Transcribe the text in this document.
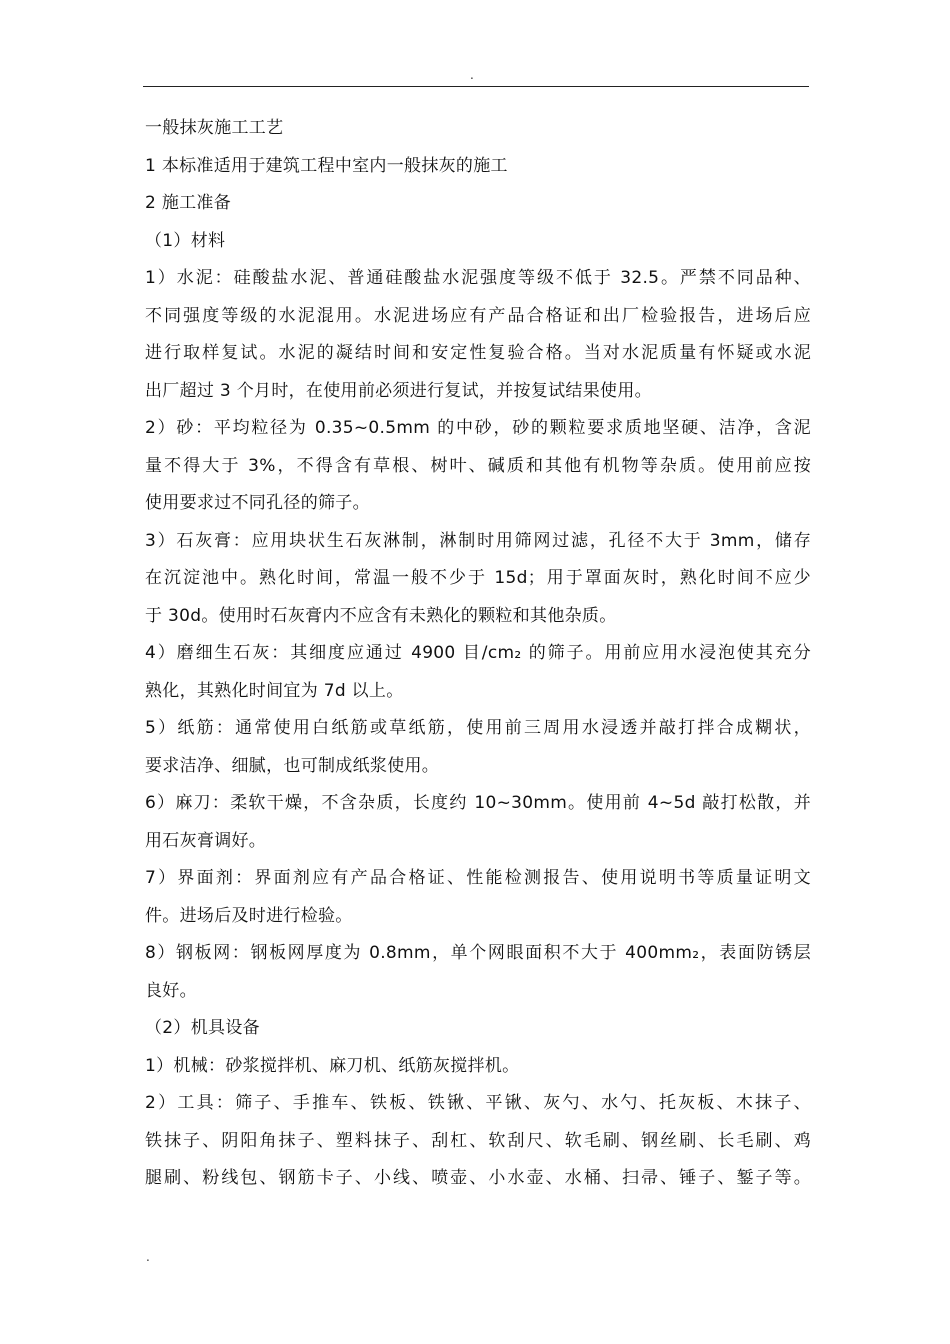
.
一般抹灰施工工艺
1 本标准适用于建筑工程中室内一般抹灰的施工
2 施工准备
（1）材料
1）水泥：硅酸盐水泥、普通硅酸盐水泥强度等级不低于 32.5。严禁不同品种、
不同强度等级的水泥混用。水泥进场应有产品合格证和出厂检验报告，进场后应
进行取样复试。水泥的凝结时间和安定性复验合格。当对水泥质量有怀疑或水泥
出厂超过 3 个月时，在使用前必须进行复试，并按复试结果使用。
2）砂：平均粒径为 0.35~0.5mm 的中砂，砂的颗粒要求质地坚硬、洁净，含泥
量不得大于 3%，不得含有草根、树叶、碱质和其他有机物等杂质。使用前应按
使用要求过不同孔径的筛子。
3）石灰膏：应用块状生石灰淋制，淋制时用筛网过滤，孔径不大于 3mm，储存
在沉淀池中。熟化时间，常温一般不少于 15d；用于罩面灰时，熟化时间不应少
于 30d。使用时石灰膏内不应含有未熟化的颗粒和其他杂质。
4）磨细生石灰：其细度应通过 4900 目/cm₂ 的筛子。用前应用水浸泡使其充分
熟化，其熟化时间宜为 7d 以上。
5）纸筋：通常使用白纸筋或草纸筋，使用前三周用水浸透并敲打拌合成糊状，
要求洁净、细腻，也可制成纸浆使用。
6）麻刀：柔软干燥，不含杂质，长度约 10~30mm。使用前 4~5d 敲打松散，并
用石灰膏调好。
7）界面剂：界面剂应有产品合格证、性能检测报告、使用说明书等质量证明文
件。进场后及时进行检验。
8）钢板网：钢板网厚度为 0.8mm，单个网眼面积不大于 400mm₂，表面防锈层
良好。
（2）机具设备
1）机械：砂浆搅拌机、麻刀机、纸筋灰搅拌机。
2）工具：筛子、手推车、铁板、铁锹、平锹、灰勺、水勺、托灰板、木抹子、
铁抹子、阴阳角抹子、塑料抹子、刮杠、软刮尺、软毛刷、钢丝刷、长毛刷、鸡
腿刷、粉线包、钢筋卡子、小线、喷壶、小水壶、水桶、扫帚、锤子、錾子等。
.
